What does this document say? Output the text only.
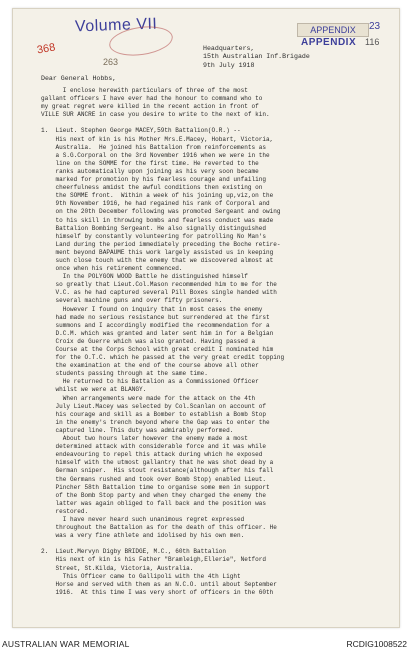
Volume VII
368
263
APPENDIX	23
APPENDIX 116
Headquarters,
15th Australian Inf.Brigade
9th July 1918
Dear General Hobbs,
I enclose herewith particulars of three of the most
gallant officers I have ever had the honour to command who to
my great regret were killed in the recent action in front of
VILLE SUR ANCRE in case you desire to write to the next of kin.

1.  Lieut. Stephen George MACEY,59th Battalion(O.R.) --
His next of kin is his Mother Mrs.E.Macey, Hobart, Victoria,
Australia.  He joined his Battalion from reinforcements as
a S.G.Corporal on the 3rd November 1916 when we were in the
line on the SOMME for the first time. He reverted to the
ranks automatically upon joining as his very soon became
marked for promotion by his fearless courage and unfailing
cheerfulness amidst the awful conditions then existing on
the SOMME front.  Within a week of his joining up,viz,on the
9th November 1916, he had regained his rank of Corporal and
on the 20th December following was promoted Sergeant and owing
to his skill in throwing bombs and fearless conduct was made
Battalion Bombing Sergeant. He also signally distinguished
himself by constantly volunteering for patrolling No Man's
Land during the period immediately preceding the Boche retire-
ment beyond BAPAUME this work largely assisted us in keeping
such close touch with the enemy that we discovered almost at
once when his retirement commenced.
In the POLYGON WOOD Battle he distinguished himself
so greatly that Lieut.Col.Mason recommended him to me for the
V.C. as he had captured several Pill Boxes single handed with
several machine guns and over fifty prisoners.
However I found on inquiry that in most cases the enemy
had made no serious resistance but surrendered at the first
summons and I accordingly modified the recommendation for a
D.C.M. which was granted and later sent him in for a Belgian
Croix de Guerre which was also granted. Having passed a
Course at the Corps School with great credit I nominated him
for the O.T.C. which he passed at the very great credit topping
the examination at the end of the course above all other
students passing through at the same time.
He returned to his Battalion as a Commissioned Officer
whilst we were at BLANGY.
When arrangements were made for the attack on the 4th
July Lieut.Macey was selected by Col.Scanlan on account of
his courage and skill as a Bomber to establish a Bomb Stop
in the enemy's trench beyond where the Gap was to enter the
captured line. This duty was admirably performed.
About two hours later however the enemy made a most
determined attack with considerable force and it was while
endeavouring to repel this attack during which he exposed
himself with the utmost gallantry that he was shot dead by a
German sniper.  His stout resistance(although after his fall
the Germans rushed and took over Bomb Stop) enabled Lieut.
Pincher 58th Battalion time to organise some men in support
of the Bomb Stop party and when they charged the enemy the
latter was again obliged to fall back and the position was
restored.
I have never heard such unanimous regret expressed
throughout the Battalion as for the death of this officer. He
was a very fine athlete and idolised by his own men.

2.  Lieut.Mervyn Digby BRIDGE, M.C., 60th Battalion
His next of kin is his Father "Bramleigh,Ellerie", Netford
Street, St.Kilda, Victoria, Australia.
This Officer came to Gallipoli with the 4th Light
Horse and served with them as an N.C.O. until about September
1916.  At this time I was very short of officers in the 60th
AUSTRALIAN WAR MEMORIAL	RCDIG1008522
